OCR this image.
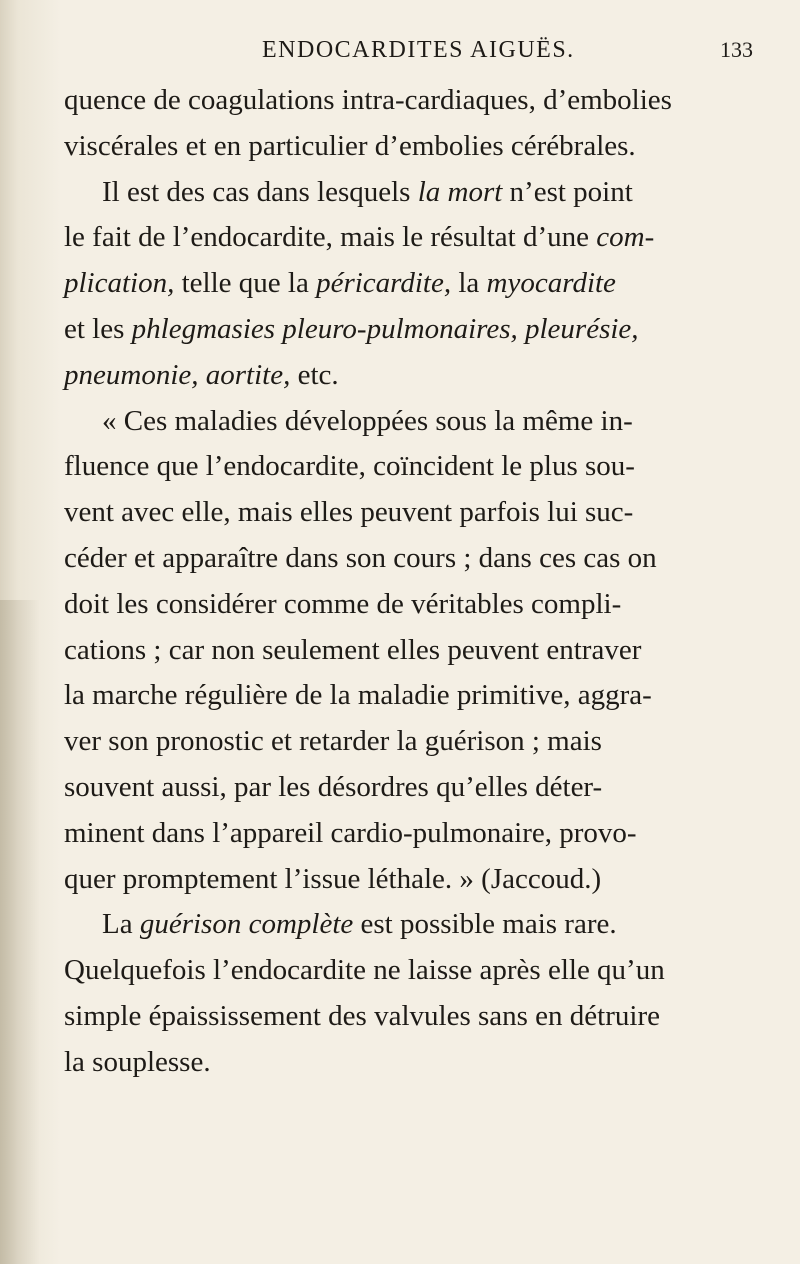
ENDOCARDITES AIGUËS.	133
quence de coagulations intra-cardiaques, d’embolies
viscérales et en particulier d’embolies cérébrales.
Il est des cas dans lesquels la mort n’est point
le fait de l’endocardite, mais le résultat d’une com-
plication, telle que la péricardite, la myocardite
et les phlegmasies pleuro-pulmonaires, pleurésie,
pneumonie, aortite, etc.
« Ces maladies développées sous la même in-
fluence que l’endocardite, coïncident le plus sou-
vent avec elle, mais elles peuvent parfois lui suc-
céder et apparaître dans son cours ; dans ces cas on
doit les considérer comme de véritables compli-
cations ; car non seulement elles peuvent entraver
la marche régulière de la maladie primitive, aggra-
ver son pronostic et retarder la guérison ; mais
souvent aussi, par les désordres qu’elles déter-
minent dans l’appareil cardio-pulmonaire, provo-
quer promptement l’issue léthale. » (Jaccoud.)
La guérison complète est possible mais rare.
Quelquefois l’endocardite ne laisse après elle qu’un
simple épaississement des valvules sans en détruire
la souplesse.
